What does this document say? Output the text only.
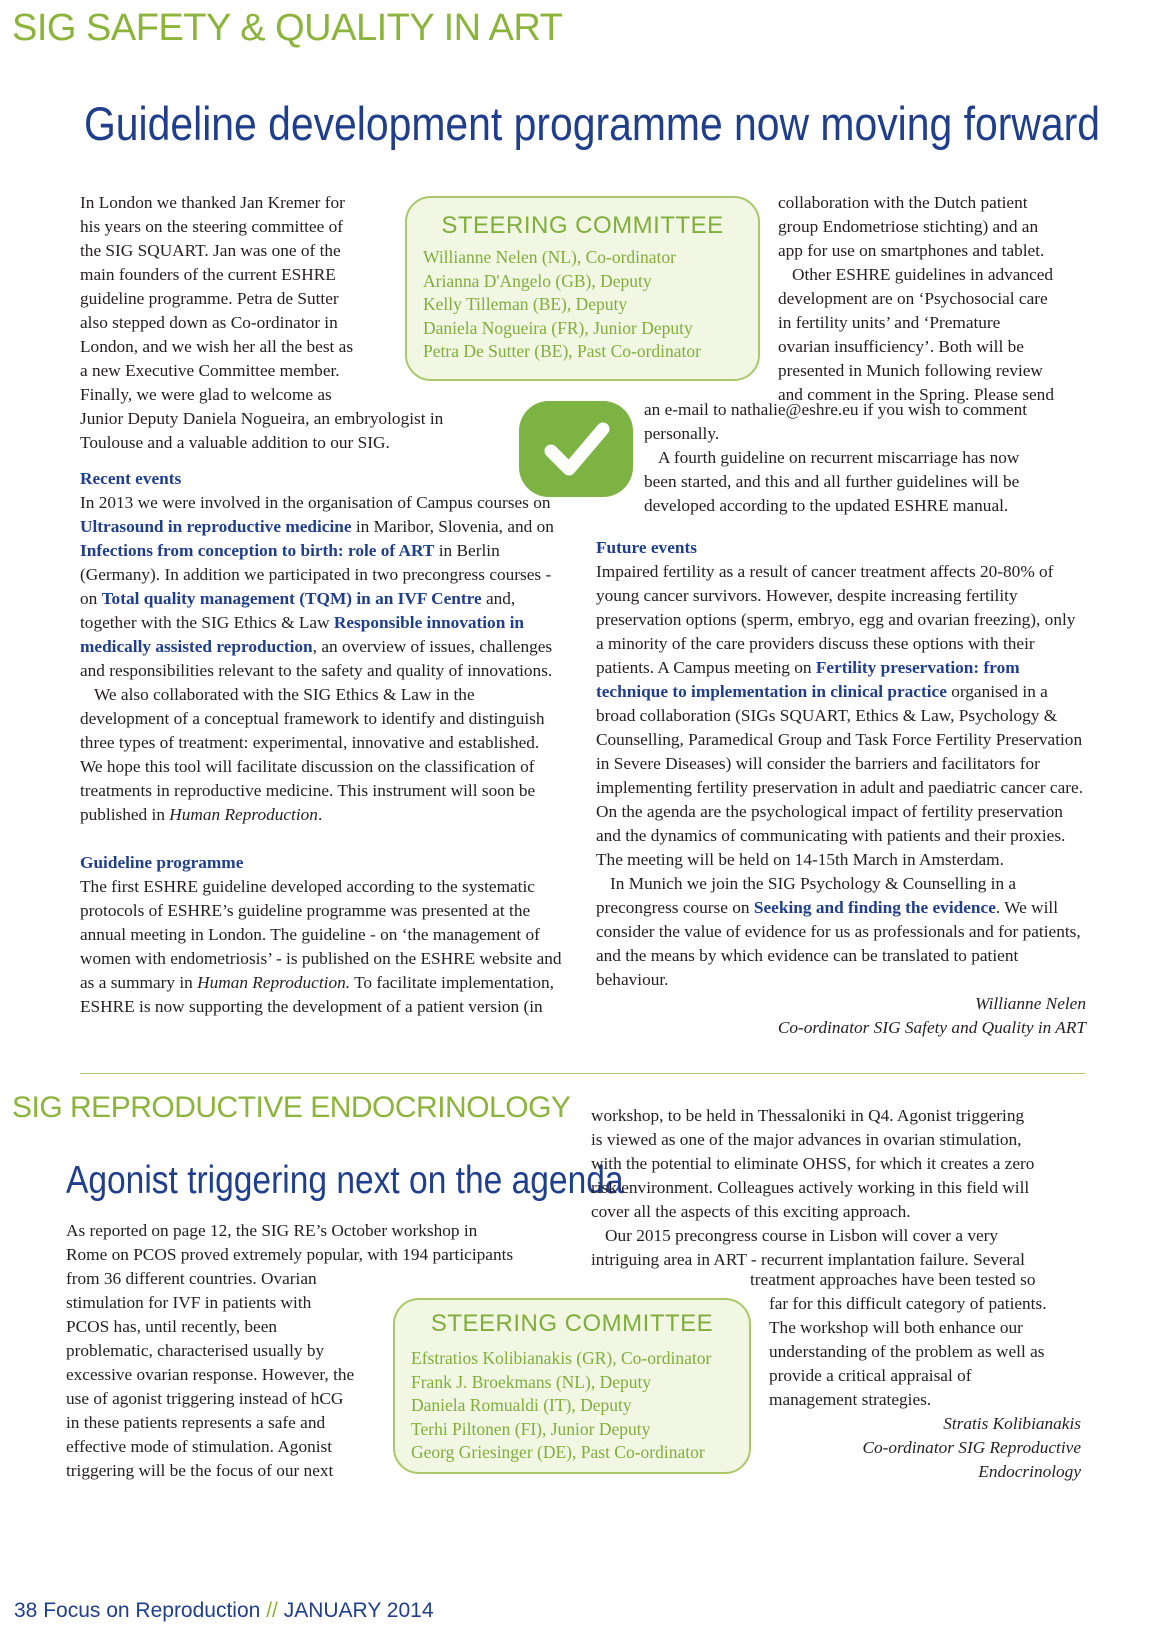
SIG SAFETY & QUALITY IN ART
Guideline development programme now moving forward
In London we thanked Jan Kremer for
his years on the steering committee of
the SIG SQUART. Jan was one of the
main founders of the current ESHRE
guideline programme. Petra de Sutter
also stepped down as Co-ordinator in
London, and we wish her all the best as
a new Executive Committee member.
Finally, we were glad to welcome as
Junior Deputy Daniela Nogueira, an embryologist in
Toulouse and a valuable addition to our SIG.
STEERING COMMITTEE
Willianne Nelen (NL), Co-ordinator
Arianna D'Angelo (GB), Deputy
Kelly Tilleman (BE), Deputy
Daniela Nogueira (FR), Junior Deputy
Petra De Sutter (BE), Past Co-ordinator
Recent events

In 2013 we were involved in the organisation of Campus courses on Ultrasound in reproductive medicine in Maribor, Slovenia, and on Infections from conception to birth: role of ART in Berlin (Germany). In addition we participated in two precongress courses - on Total quality management (TQM) in an IVF Centre and, together with the SIG Ethics & Law Responsible innovation in medically assisted reproduction, an overview of issues, challenges and responsibilities relevant to the safety and quality of innovations.

We also collaborated with the SIG Ethics & Law in the development of a conceptual framework to identify and distinguish three types of treatment: experimental, innovative and established. We hope this tool will facilitate discussion on the classification of treatments in reproductive medicine. This instrument will soon be published in Human Reproduction.

Guideline programme

The first ESHRE guideline developed according to the systematic protocols of ESHRE’s guideline programme was presented at the annual meeting in London. The guideline - on ‘the management of women with endometriosis’ - is published on the ESHRE website and as a summary in Human Reproduction. To facilitate implementation, ESHRE is now supporting the development of a patient version (in

collaboration with the Dutch patient
group Endometriose stichting) and an
app for use on smartphones and tablet.
Other ESHRE guidelines in advanced
development are on ‘Psychosocial care
in fertility units’ and ‘Premature
ovarian insufficiency’. Both will be
presented in Munich following review
and comment in the Spring. Please send
an e-mail to nathalie@eshre.eu if you wish to comment
personally.
A fourth guideline on recurrent miscarriage has now
been started, and this and all further guidelines will be
developed according to the updated ESHRE manual.
Future events

Impaired fertility as a result of cancer treatment affects 20-80% of young cancer survivors. However, despite increasing fertility preservation options (sperm, embryo, egg and ovarian freezing), only a minority of the care providers discuss these options with their patients. A Campus meeting on Fertility preservation: from technique to implementation in clinical practice organised in a broad collaboration (SIGs SQUART, Ethics & Law, Psychology & Counselling, Paramedical Group and Task Force Fertility Preservation in Severe Diseases) will consider the barriers and facilitators for implementing fertility preservation in adult and paediatric cancer care. On the agenda are the psychological impact of fertility preservation and the dynamics of communicating with patients and their proxies. The meeting will be held on 14-15th March in Amsterdam.

In Munich we join the SIG Psychology & Counselling in a precongress course on Seeking and finding the evidence. We will consider the value of evidence for us as professionals and for patients, and the means by which evidence can be translated to patient behaviour.

Willianne Nelen
Co-ordinator SIG Safety and Quality in ART
SIG REPRODUCTIVE ENDOCRINOLOGY
Agonist triggering next on the agenda
As reported on page 12, the SIG RE’s October workshop in
Rome on PCOS proved extremely popular, with 194 participants
from 36 different countries. Ovarian
stimulation for IVF in patients with
PCOS has, until recently, been
problematic, characterised usually by
excessive ovarian response. However, the
use of agonist triggering instead of hCG
in these patients represents a safe and
effective mode of stimulation. Agonist
triggering will be the focus of our next
STEERING COMMITTEE
Efstratios Kolibianakis (GR), Co-ordinator
Frank J. Broekmans (NL), Deputy
Daniela Romualdi (IT), Deputy
Terhi Piltonen (FI), Junior Deputy
Georg Griesinger (DE), Past Co-ordinator
workshop, to be held in Thessaloniki in Q4. Agonist triggering
is viewed as one of the major advances in ovarian stimulation,
with the potential to eliminate OHSS, for which it creates a zero
risk environment. Colleagues actively working in this field will
cover all the aspects of this exciting approach.
Our 2015 precongress course in Lisbon will cover a very
intriguing area in ART - recurrent implantation failure. Several
treatment approaches have been tested so
far for this difficult category of patients.
The workshop will both enhance our
understanding of the problem as well as
provide a critical appraisal of
management strategies.
Stratis Kolibianakis
Co-ordinator SIG Reproductive
Endocrinology
38 Focus on Reproduction // JANUARY 2014
